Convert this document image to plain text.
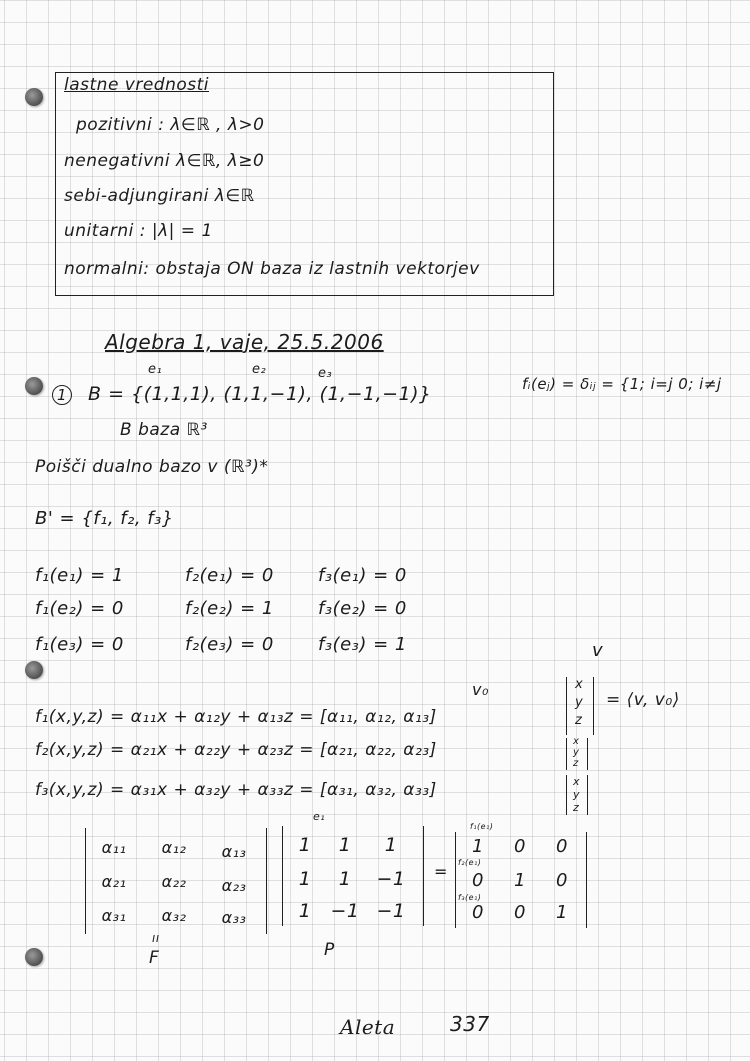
lastne vrednosti
pozitivni : λ∈ℝ , λ>0
nenegativni λ∈ℝ, λ≥0
sebi-adjungirani λ∈ℝ
unitarni : |λ| = 1
normalni: obstaja ON baza iz lastnih vektorjev
Algebra 1, vaje, 25.5.2006
1
e₁	e₂	e₃
B = {(1,1,1), (1,1,−1), (1,−1,−1)}	fᵢ(eⱼ) = δᵢⱼ = {1; i=j 0; i≠j
B baza ℝ³
Poišči dualno bazo v (ℝ³)*
B' = {f₁, f₂, f₃}
f₁(e₁) = 1	f₂(e₁) = 0 f₃(e₁) = 0
f₁(e₂) = 0	f₂(e₂) = 1 f₃(e₂) = 0
f₁(e₃) = 0	f₂(e₃) = 0 f₃(e₃) = 1	v
v₀
f₁(x,y,z) = α₁₁x + α₁₂y + α₁₃z = [α₁₁, α₁₂, α₁₃]
f₂(x,y,z) = α₂₁x + α₂₂y + α₂₃z = [α₂₁, α₂₂, α₂₃]
f₃(x,y,z) = α₃₁x + α₃₂y + α₃₃z = [α₃₁, α₃₂, α₃₃]
x
y
z
= ⟨v, v₀⟩
x
y
z
x
y
z
α₁₁	α₁₂	α₁₃
α₂₁	α₂₂	α₂₃
α₃₁	α₃₂	α₃₃
e₁
1	1	1
1	1	−1
1	−1 −1
=
f₁(e₁)
f₂(e₁)
f₃(e₁)
1	0	0
0	1	0
0	0	1
ıı
F	P
Aleta	337
